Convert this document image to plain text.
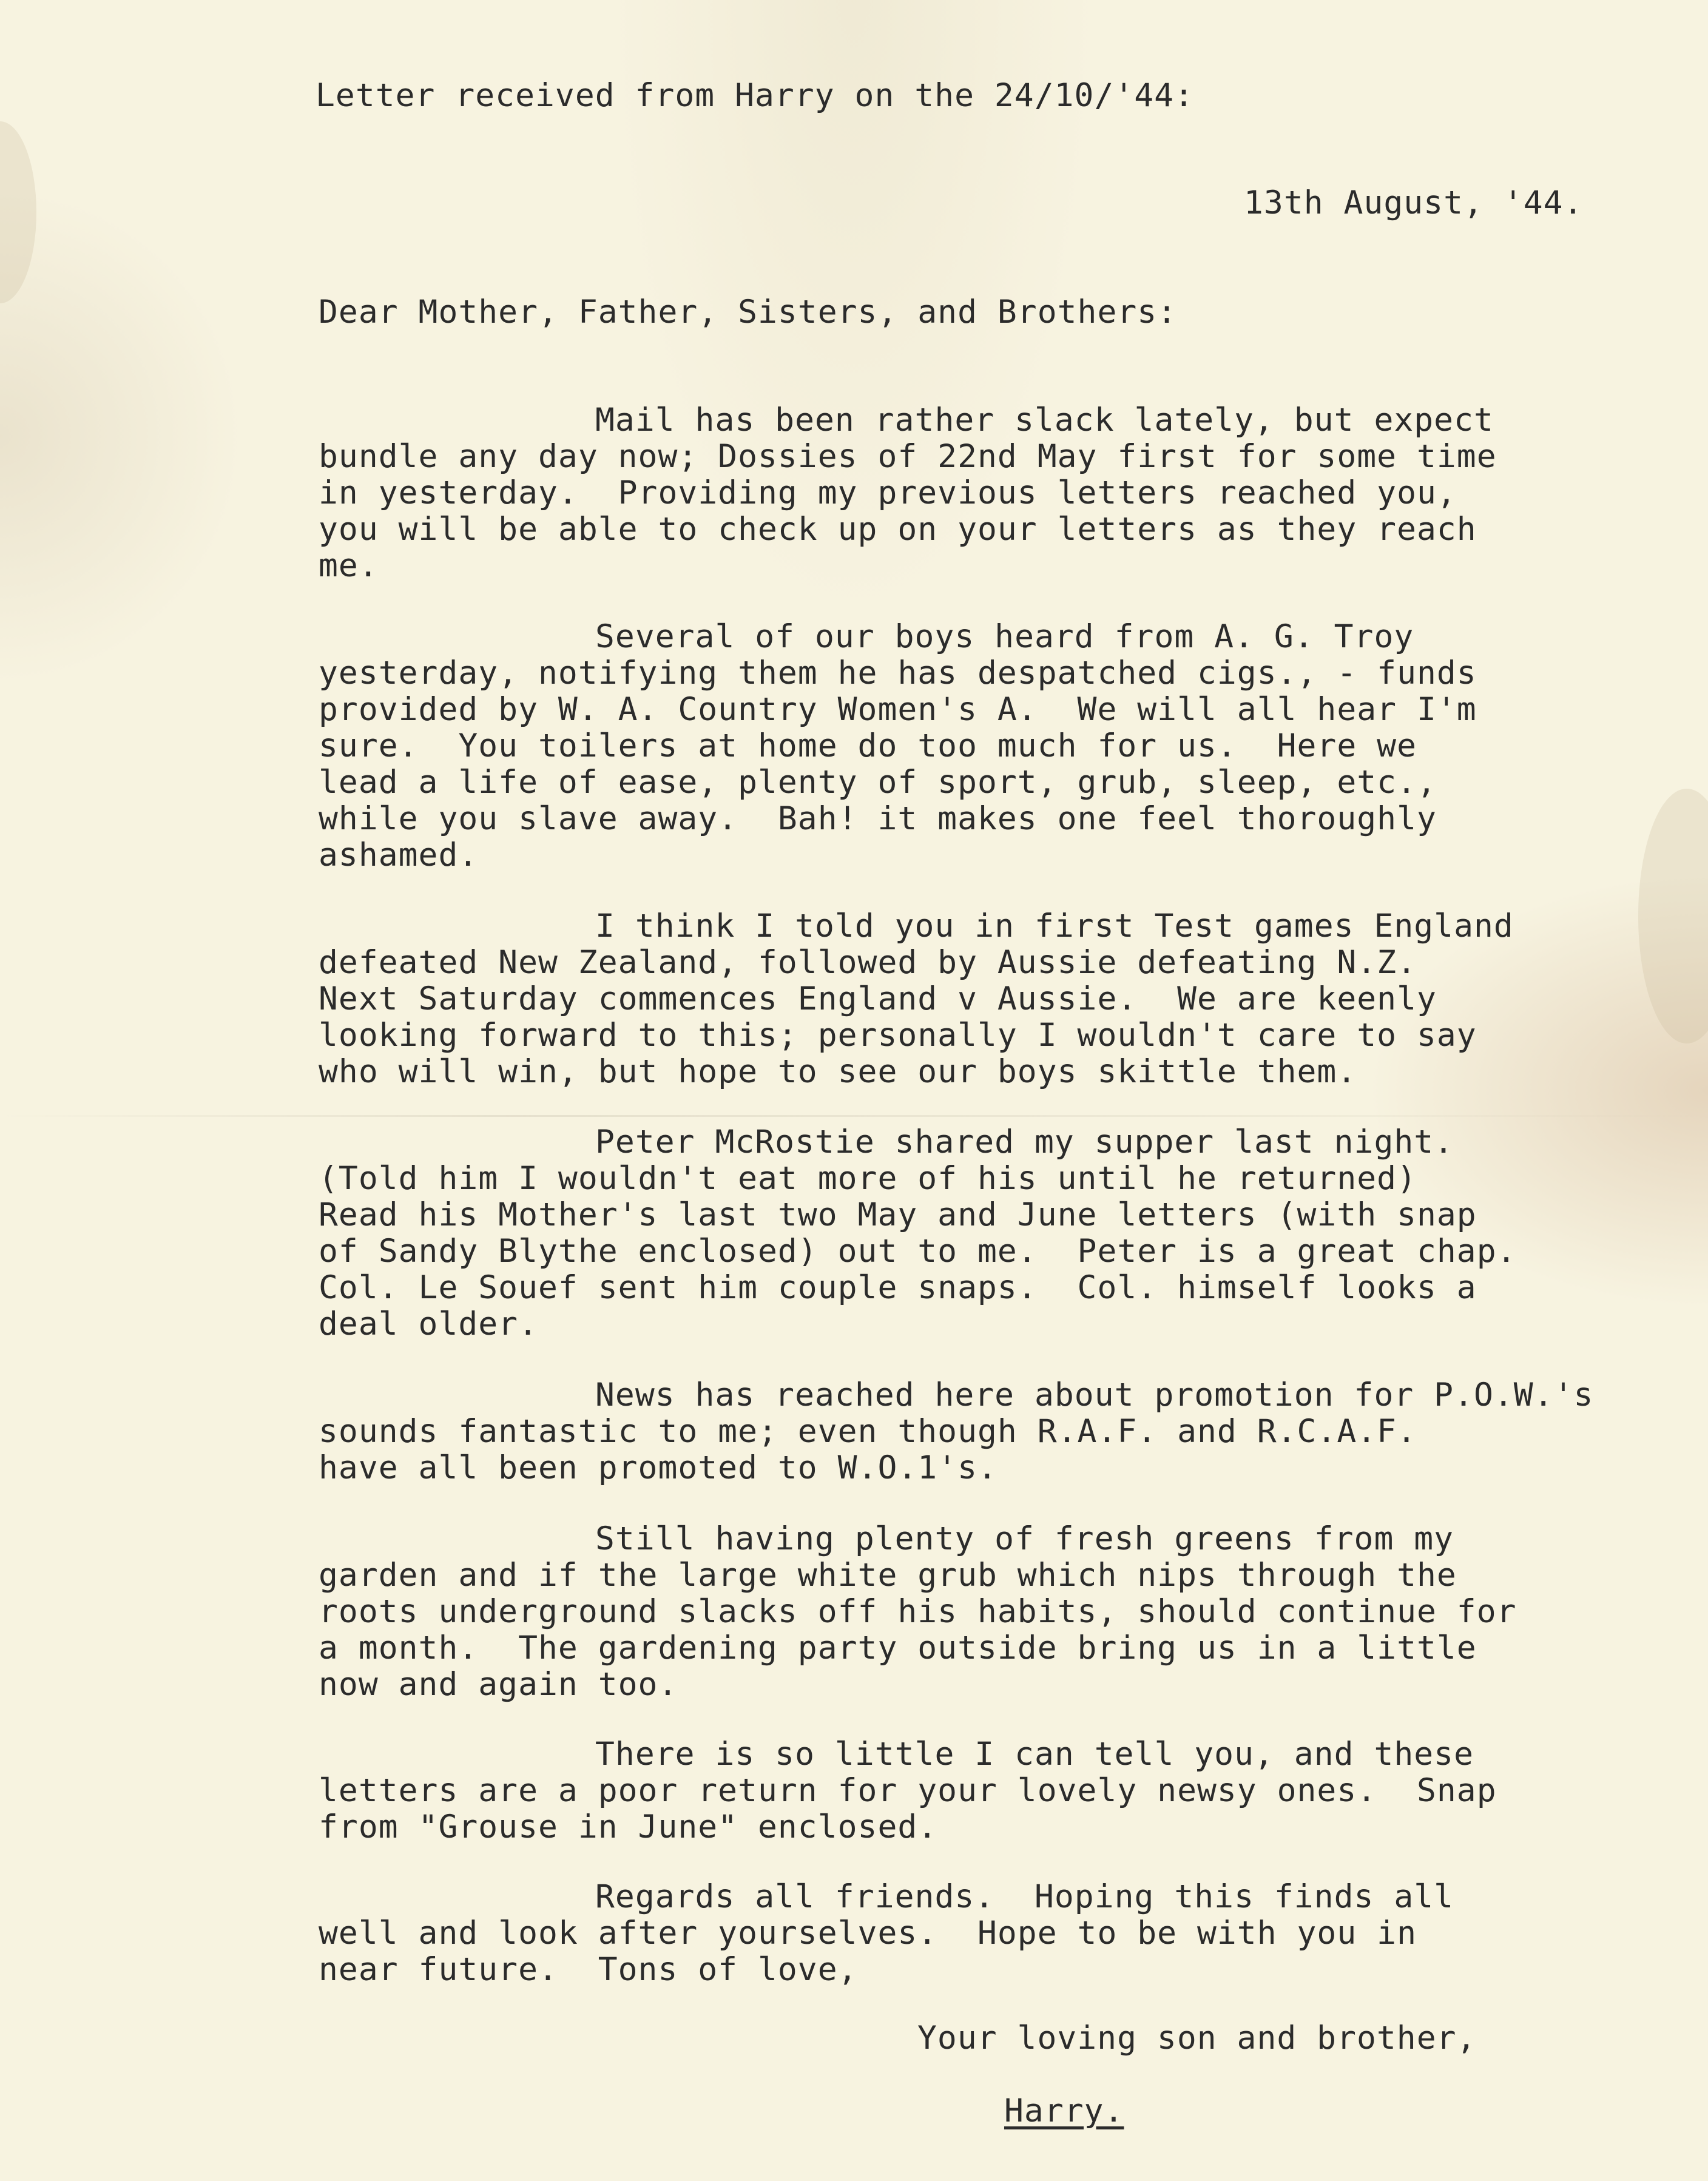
Letter received from Harry on the 24/10/'44:
13th August, '44.
Dear Mother, Father, Sisters, and Brothers:
Mail has been rather slack lately, but expect
bundle any day now; Dossies of 22nd May first for some time
in yesterday.  Providing my previous letters reached you,
you will be able to check up on your letters as they reach
me.
Several of our boys heard from A. G. Troy
yesterday, notifying them he has despatched cigs., - funds
provided by W. A. Country Women's A.  We will all hear I'm
sure.  You toilers at home do too much for us.  Here we
lead a life of ease, plenty of sport, grub, sleep, etc.,
while you slave away.  Bah! it makes one feel thoroughly
ashamed.
I think I told you in first Test games England
defeated New Zealand, followed by Aussie defeating N.Z.
Next Saturday commences England v Aussie.  We are keenly
looking forward to this; personally I wouldn't care to say
who will win, but hope to see our boys skittle them.
Peter McRostie shared my supper last night.
(Told him I wouldn't eat more of his until he returned)
Read his Mother's last two May and June letters (with snap
of Sandy Blythe enclosed) out to me.  Peter is a great chap.
Col. Le Souef sent him couple snaps.  Col. himself looks a
deal older.
News has reached here about promotion for P.O.W.'s
sounds fantastic to me; even though R.A.F. and R.C.A.F.
have all been promoted to W.O.1's.
Still having plenty of fresh greens from my
garden and if the large white grub which nips through the
roots underground slacks off his habits, should continue for
a month.  The gardening party outside bring us in a little
now and again too.
There is so little I can tell you, and these
letters are a poor return for your lovely newsy ones.  Snap
from "Grouse in June" enclosed.
Regards all friends.  Hoping this finds all
well and look after yourselves.  Hope to be with you in
near future.  Tons of love,
Your loving son and brother,
Harry.
